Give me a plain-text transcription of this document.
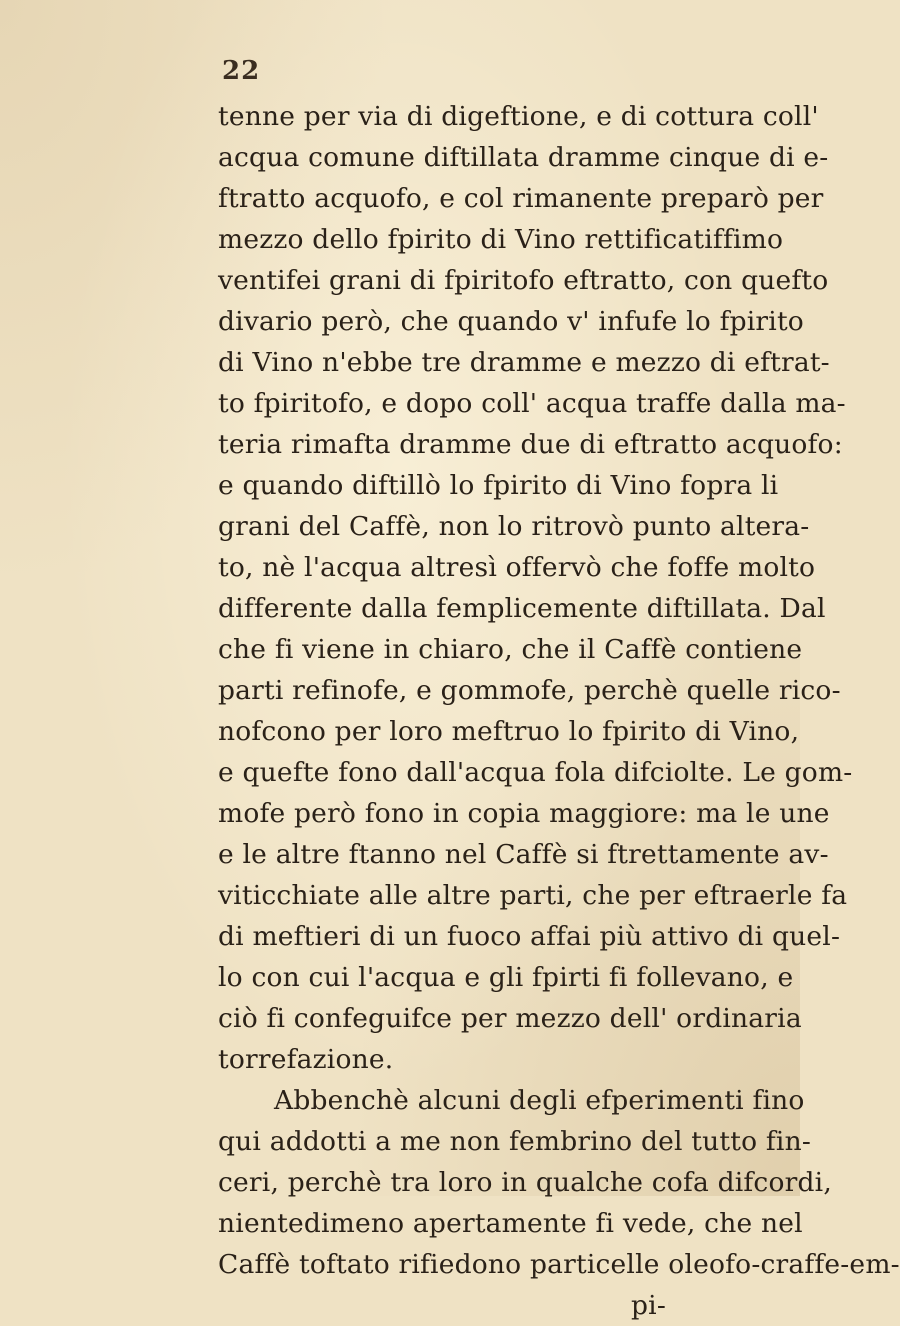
22
tenne per via di digeftione, e di cottura coll'
acqua comune diftillata dramme cinque di e-
ftratto acquofo, e col rimanente preparò per
mezzo dello fpirito di Vino rettificatiffimo
ventifei grani di fpiritofo eftratto, con quefto
divario però, che quando v' infufe lo fpirito
di Vino n'ebbe tre dramme e mezzo di eftrat-
to fpiritofo, e dopo coll' acqua traffe dalla ma-
teria rimafta dramme due di eftratto acquofo:
e quando diftillò lo fpirito di Vino fopra li
grani del Caffè, non lo ritrovò punto altera-
to, nè l'acqua altresì offervò che foffe molto
differente dalla femplicemente diftillata. Dal
che fi viene in chiaro, che il Caffè contiene
parti refinofe, e gommofe, perchè quelle rico-
nofcono per loro meftruo lo fpirito di Vino,
e quefte fono dall'acqua fola difciolte. Le gom-
mofe però fono in copia maggiore: ma le une
e le altre ftanno nel Caffè si ftrettamente av-
viticchiate alle altre parti, che per eftraerle fa
di meftieri di un fuoco affai più attivo di quel-
lo con cui l'acqua e gli fpirti fi follevano, e
ciò fi confeguifce per mezzo dell' ordinaria
torrefazione.
Abbenchè alcuni degli efperimenti fino
qui addotti a me non fembrino del tutto fin-
ceri, perchè tra loro in qualche cofa difcordi,
nientedimeno apertamente fi vede, che nel
Caffè toftato rifiedono particelle oleofo-craffe-em-
pi-
